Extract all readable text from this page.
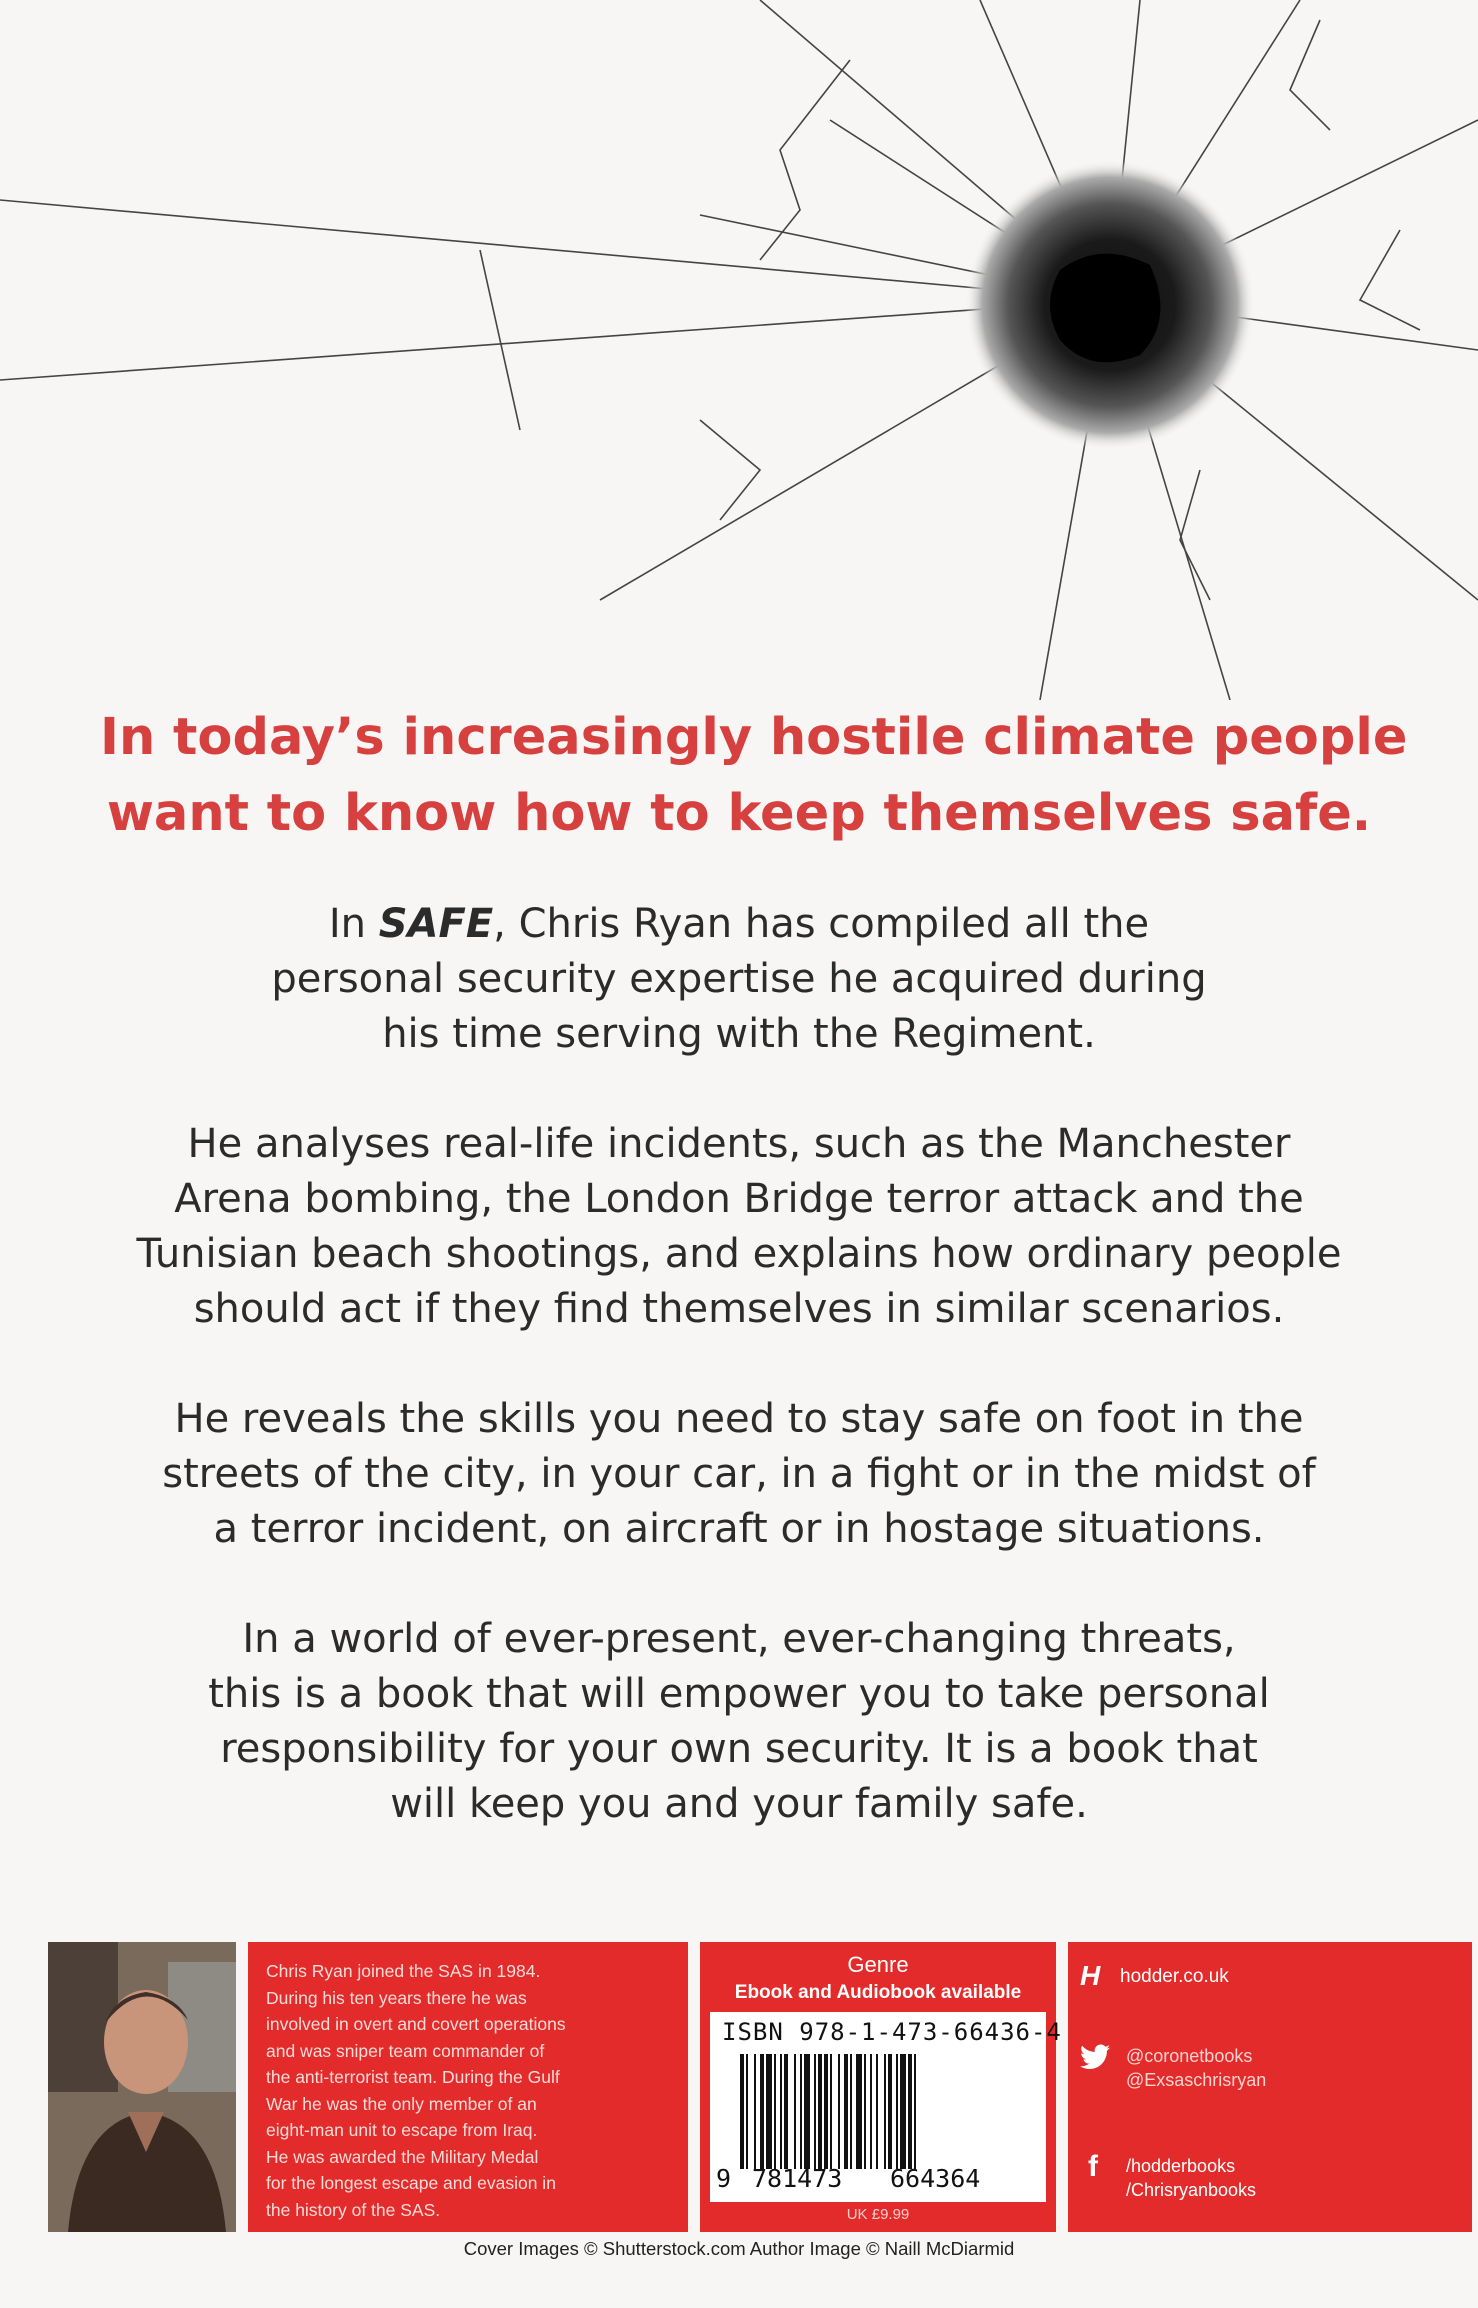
In today’s increasingly hostile climate people
want to know how to keep themselves safe.
In SAFE, Chris Ryan has compiled all the
personal security expertise he acquired during
his time serving with the Regiment.
He analyses real-life incidents, such as the Manchester
Arena bombing, the London Bridge terror attack and the
Tunisian beach shootings, and explains how ordinary people
should act if they find themselves in similar scenarios.
He reveals the skills you need to stay safe on foot in the
streets of the city, in your car, in a fight or in the midst of
a terror incident, on aircraft or in hostage situations.
In a world of ever-present, ever-changing threats,
this is a book that will empower you to take personal
responsibility for your own security. It is a book that
will keep you and your family safe.
Chris Ryan joined the SAS in 1984.
During his ten years there he was
involved in overt and covert operations
and was sniper team commander of
the anti-terrorist team. During the Gulf
War he was the only member of an
eight-man unit to escape from Iraq.
He was awarded the Military Medal
for the longest escape and evasion in
the history of the SAS.
Genre
Ebook and Audiobook available
ISBN 978-1-473-66436-4
9 781473 664364
UK £9.99
H hodder.co.uk
@coronetbooks
@Exsaschrisryan
f /hodderbooks
/Chrisryanbooks
Cover Images © Shutterstock.com Author Image © Naill McDiarmid
